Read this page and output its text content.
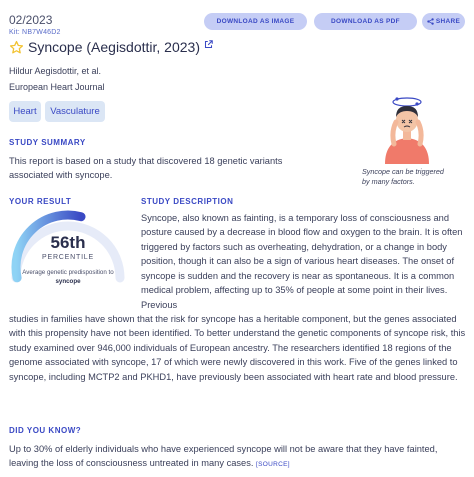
02/2023
Kit: NB7W46D2
DOWNLOAD AS IMAGE	DOWNLOAD AS PDF	SHARE
Syncope (Aegisdottir, 2023)
Hildur Aegisdottir, et al.
European Heart Journal
Heart	Vasculature
STUDY SUMMARY
This report is based on a study that discovered 18 genetic variants associated with syncope.	Syncope can be triggered by many factors.
YOUR RESULT
56th
PERCENTILE
Average genetic predisposition to syncope
STUDY DESCRIPTION
Syncope, also known as fainting, is a temporary loss of consciousness and posture caused by a decrease in blood flow and oxygen to the brain. It is often triggered by factors such as overheating, dehydration, or a change in body position, though it can also be a sign of various heart diseases. The onset of syncope is sudden and the recovery is near as spontaneous. It is a common medical problem, affecting up to 35% of people at some point in their lives. Previous
studies in families have shown that the risk for syncope has a heritable component, but the genes associated with this propensity have not been identified. To better understand the genetic components of syncope risk, this study examined over 946,000 individuals of European ancestry. The researchers identified 18 regions of the genome associated with syncope, 17 of which were newly discovered in this work. Five of the genes linked to syncope, including MCTP2 and PKHD1, have previously been associated with heart rate and blood pressure.
DID YOU KNOW?
Up to 30% of elderly individuals who have experienced syncope will not be aware that they have fainted, leaving the loss of consciousness untreated in many cases. [SOURCE]
